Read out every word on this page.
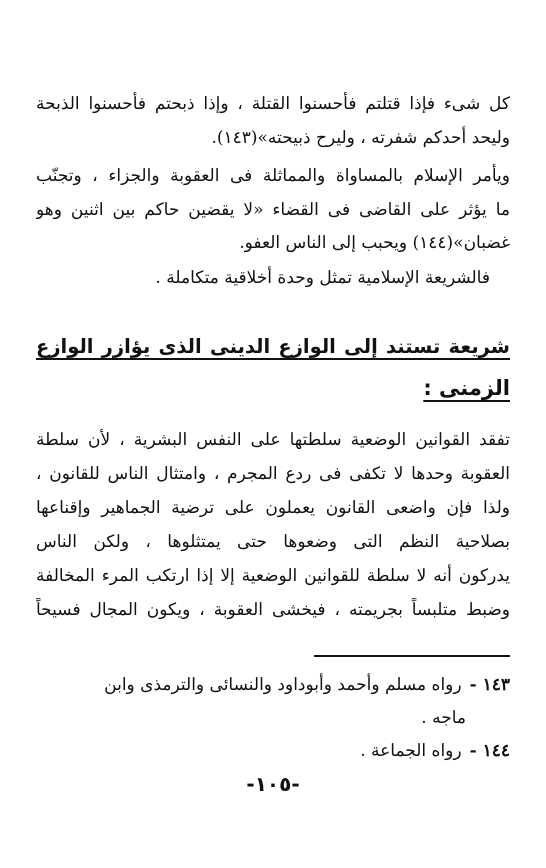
كل شىء فإذا قتلتم فأحسنوا القتلة ، وإذا ذبحتم فأحسنوا الذبحة
وليحد أحدكم شفرته ، وليرح ذبيحته»(١٤٣).
ويأمر الإسلام بالمساواة والمماثلة فى العقوبة والجزاء ، وتجنّب
ما يؤثر على القاضى فى القضاء «لا يقضين حاكم بين اثنين وهو
غضبان»(١٤٤) ويحبب إلى الناس العفو.
فالشريعة الإسلامية تمثل وحدة أخلاقية متكاملة .
شريعة تستند إلى الوازع الدينى الذى يؤازر الوازع
الزمنى :
تفقد القوانين الوضعية سلطتها على النفس البشرية ، لأن سلطة
العقوبة وحدها لا تكفى فى ردع المجرم ، وامتثال الناس للقانون ،
ولذا فإن واضعى القانون يعملون على ترضية الجماهير وإقناعها
بصلاحية النظم التى وضعوها حتى يمتثلوها ، ولكن الناس
يدركون أنه لا سلطة للقوانين الوضعية إلا إذا ارتكب المرء المخالفة
وضبط متلبساً بجريمته ، فيخشى العقوبة ، ويكون المجال فسيحاً
١٤٣ -رواه مسلم وأحمد وأبوداود والنسائى والترمذى وابن
ماجه .
١٤٤ -رواه الجماعة .
-١٠٥-
